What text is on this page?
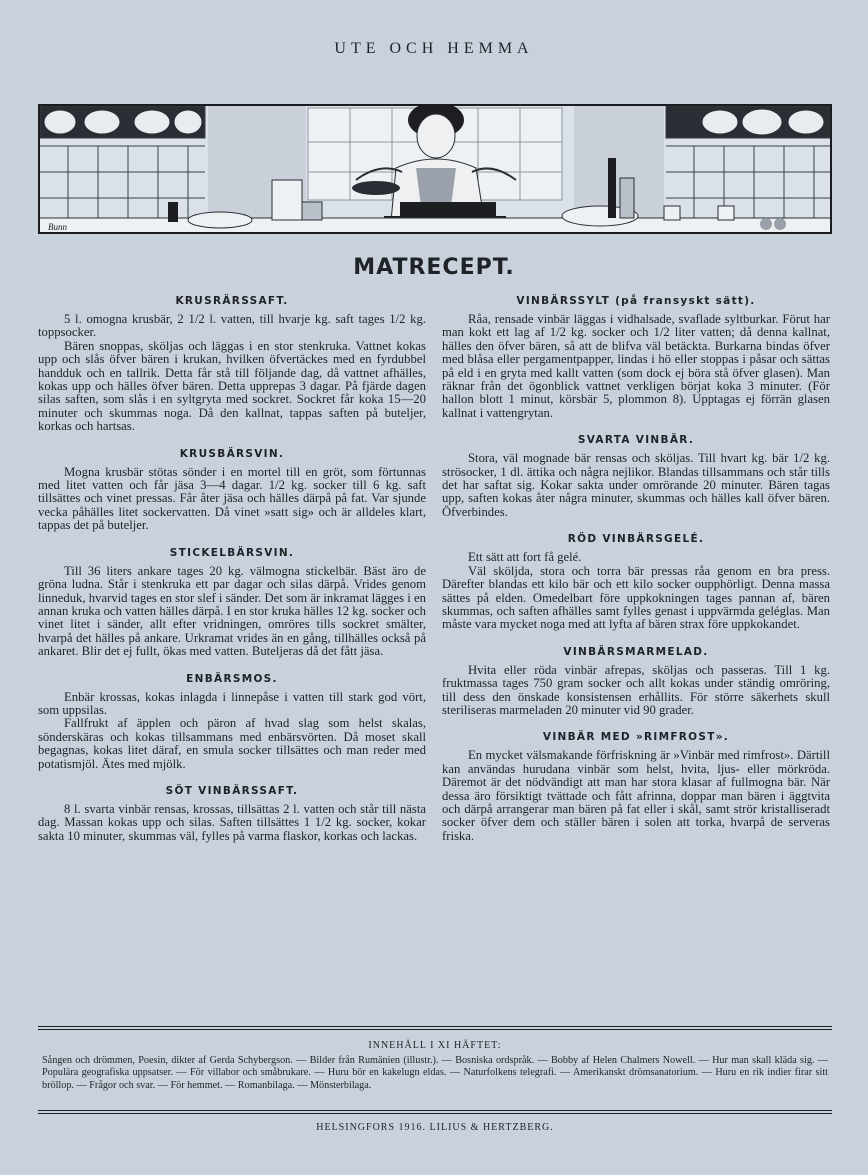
UTE OCH HEMMA
Bunn
MATRECEPT.

KRUSRÄRSSAFT.

5 l. omogna krusbär, 2 1/2 l. vatten, till hvarje kg. saft tages 1/2 kg. toppsocker.

Bären snoppas, sköljas och läggas i en stor stenkruka. Vattnet kokas upp och slås öfver bären i krukan, hvilken öfvertäckes med en fyrdubbel handduk och en tallrik. Detta får stå till följande dag, då vattnet afhälles, kokas upp och hälles öfver bären. Detta upprepas 3 dagar. På fjärde dagen silas saften, som slås i en syltgryta med sockret. Sockret får koka 15—20 minuter och skummas noga. Då den kallnat, tappas saften på buteljer, korkas och hartsas.

KRUSBÄRSVIN.

Mogna krusbär stötas sönder i en mortel till en gröt, som förtunnas med litet vatten och får jäsa 3—4 dagar. 1/2 kg. socker till 6 kg. saft tillsättes och vinet pressas. Får åter jäsa och hälles därpå på fat. Var sjunde vecka påhälles litet sockervatten. Då vinet »satt sig» och är alldeles klart, tappas det på buteljer.

STICKELBÄRSVIN.

Till 36 liters ankare tages 20 kg. välmogna stickelbär. Bäst äro de gröna ludna. Står i stenkruka ett par dagar och silas därpå. Vrides genom linneduk, hvarvid tages en stor slef i sänder. Det som är inkramat lägges i en annan kruka och vatten hälles därpå. I en stor kruka hälles 12 kg. socker och vinet litet i sänder, allt efter vridningen, omröres tills sockret smälter, hvarpå det hälles på ankare. Urkramat vrides än en gång, tillhälles också på ankaret. Blir det ej fullt, ökas med vatten. Buteljeras då det fått jäsa.

ENBÄRSMOS.

Enbär krossas, kokas inlagda i linnepåse i vatten till stark god vört, som uppsilas.

Fallfrukt af äpplen och päron af hvad slag som helst skalas, sönderskäras och kokas tillsammans med enbärsvörten. Då moset skall begagnas, kokas litet däraf, en smula socker tillsättes och man reder med potatismjöl. Ätes med mjölk.

SÖT VINBÄRSSAFT.

8 l. svarta vinbär rensas, krossas, tillsättas 2 l. vatten och står till nästa dag. Massan kokas upp och silas. Saften tillsättes 1 1/2 kg. socker, kokar sakta 10 minuter, skummas väl, fylles på varma flaskor, korkas och lackas.

VINBÄRSSYLT (på fransyskt sätt).

Råa, rensade vinbär läggas i vidhalsade, svaflade syltburkar. Förut har man kokt ett lag af 1/2 kg. socker och 1/2 liter vatten; då denna kallnat, hälles den öfver bären, så att de blifva väl betäckta. Burkarna bindas öfver med blåsa eller pergamentpapper, lindas i hö eller stoppas i påsar och sättas på eld i en gryta med kallt vatten (som dock ej böra stå öfver glasen). Man räknar från det ögonblick vattnet verkligen börjat koka 3 minuter. (För hallon blott 1 minut, körsbär 5, plommon 8). Upptagas ej förrän glasen kallnat i vattengrytan.

SVARTA VINBÄR.

Stora, väl mognade bär rensas och sköljas. Till hvart kg. bär 1/2 kg. strösocker, 1 dl. ättika och några nejlikor. Blandas tillsammans och står tills det har saftat sig. Kokar sakta under omrörande 20 minuter. Bären tagas upp, saften kokas åter några minuter, skummas och hälles kall öfver bären. Öfverbindes.

RÖD VINBÄRSGELÉ.

Ett sätt att fort få gelé.

Väl sköljda, stora och torra bär pressas råa genom en bra press. Därefter blandas ett kilo bär och ett kilo socker oupphörligt. Denna massa sättes på elden. Omedelbart före uppkokningen tages pannan af, bären skummas, och saften afhälles samt fylles genast i uppvärmda geléglas. Man måste vara mycket noga med att lyfta af bären strax före uppkokandet.

VINBÄRSMARMELAD.

Hvita eller röda vinbär afrepas, sköljas och passeras. Till 1 kg. fruktmassa tages 750 gram socker och allt kokas under ständig omröring, till dess den önskade konsistensen erhållits. För större säkerhets skull steriliseras marmeladen 20 minuter vid 90 grader.

VINBÄR MED »RIMFROST».

En mycket välsmakande förfriskning är »Vinbär med rimfrost». Därtill kan användas hurudana vinbär som helst, hvita, ljus- eller mörkröda. Däremot är det nödvändigt att man har stora klasar af fullmogna bär. När dessa äro försiktigt tvättade och fått afrinna, doppar man bären i äggtvita och därpå arrangerar man bären på fat eller i skål, samt strör kristalliseradt socker öfver dem och ställer bären i solen att torka, hvarpå de serveras friska.

INNEHÅLL I XI HÄFTET:
Sången och drömmen, Poesin, dikter af Gerda Schybergson. — Bilder från Rumänien (illustr.). — Bosniska ordspråk. — Bobby af Helen Chalmers Nowell. — Hur man skall kläda sig. — Populära geografiska uppsatser. — För villabor och småbrukare. — Huru bör en kakelugn eldas. — Naturfolkens telegrafi. — Amerikanskt drömsanatorium. — Huru en rik indier firar sitt bröllop. — Frågor och svar. — För hemmet. — Romanbilaga. — Mönsterbilaga.
HELSINGFORS 1916. LILIUS & HERTZBERG.
